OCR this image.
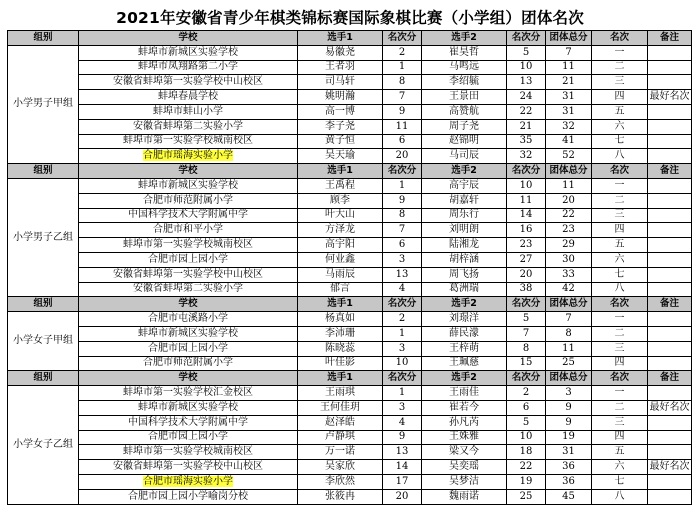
2021年安徽省青少年棋类锦标赛国际象棋比赛（小学组）团体名次
组别	学校	选手1	名次分	选手2	名次分	团体总分	名次	备注
小学男子甲组	蚌埠市新城区实验学校	易徽尧	2	崔昊哲	5	7	一	
	蚌埠市凤翔路第二小学	王者羽	1	马鸣远	10	11	二	
	安徽省蚌埠第一实验学校中山校区	司马轩	8	李绍毓	13	21	三	
	蚌埠春晨学校	姚明瀚	7	王景田	24	31	四	最好名次
	蚌埠市蚌山小学	高一博	9	高赞航	22	31	五	
	安徽省蚌埠第二实验小学	李子尧	11	周子尧	21	32	六	
	蚌埠市第一实验学校城南校区	黄子恒	6	赵锦明	35	41	七	
	合肥市瑶海实验小学	吴天瑜	20	马司辰	32	52	八	
组别	学校	选手1	名次分	选手2	名次分	团体总分	名次	备注
小学男子乙组	蚌埠市新城区实验学校	王禹程	1	高宇辰	10	11	一	
	合肥市师范附属小学	顾李	9	胡嘉轩	11	20	二	
	中国科学技术大学附属中学	叶大山	8	周乐行	14	22	三	
	合肥市和平小学	方泽龙	7	刘明朗	16	23	四	
	蚌埠市第一实验学校城南校区	高宇阳	6	陆湘龙	23	29	五	
	合肥市园上园小学	何业鑫	3	胡梓涵	27	30	六	
	安徽省蚌埠第一实验学校中山校区	马雨辰	13	周飞扬	20	33	七	
	安徽省蚌埠第二实验小学	郁言	4	葛洲瑞	38	42	八	
组别	学校	选手1	名次分	选手2	名次分	团体总分	名次	备注
小学女子甲组	合肥市屯溪路小学	杨真如	2	刘璟洋	5	7	一	
	蚌埠市新城区实验学校	李沛珊	1	薛民濛	7	8	二	
	合肥市园上园小学	陈晓蕊	3	王梓萌	8	11	三	
	合肥市师范附属小学	叶佳影	10	王珮慈	15	25	四	
组别	学校	选手1	名次分	选手2	名次分	团体总分	名次	备注
小学女子乙组	蚌埠市第一实验学校汇金校区	王雨琪	1	王雨佳	2	3	一	
	蚌埠市新城区实验学校	王何佳玥	3	崔若今	6	9	二	最好名次
	中国科学技术大学附属中学	赵泽皓	4	孙凡芮	5	9	三	
	合肥市园上园小学	卢静琪	9	王姝雅	10	19	四	
	蚌埠市第一实验学校城南校区	万一诺	13	梁又今	18	31	五	
	安徽省蚌埠第一实验学校中山校区	吴家欣	14	吴奕瑶	22	36	六	最好名次
	合肥市瑶海实验小学	李欣然	17	吴梦洁	19	36	七	
	合肥市园上园小学喻岗分校	张筱冉	20	魏雨诺	25	45	八	
